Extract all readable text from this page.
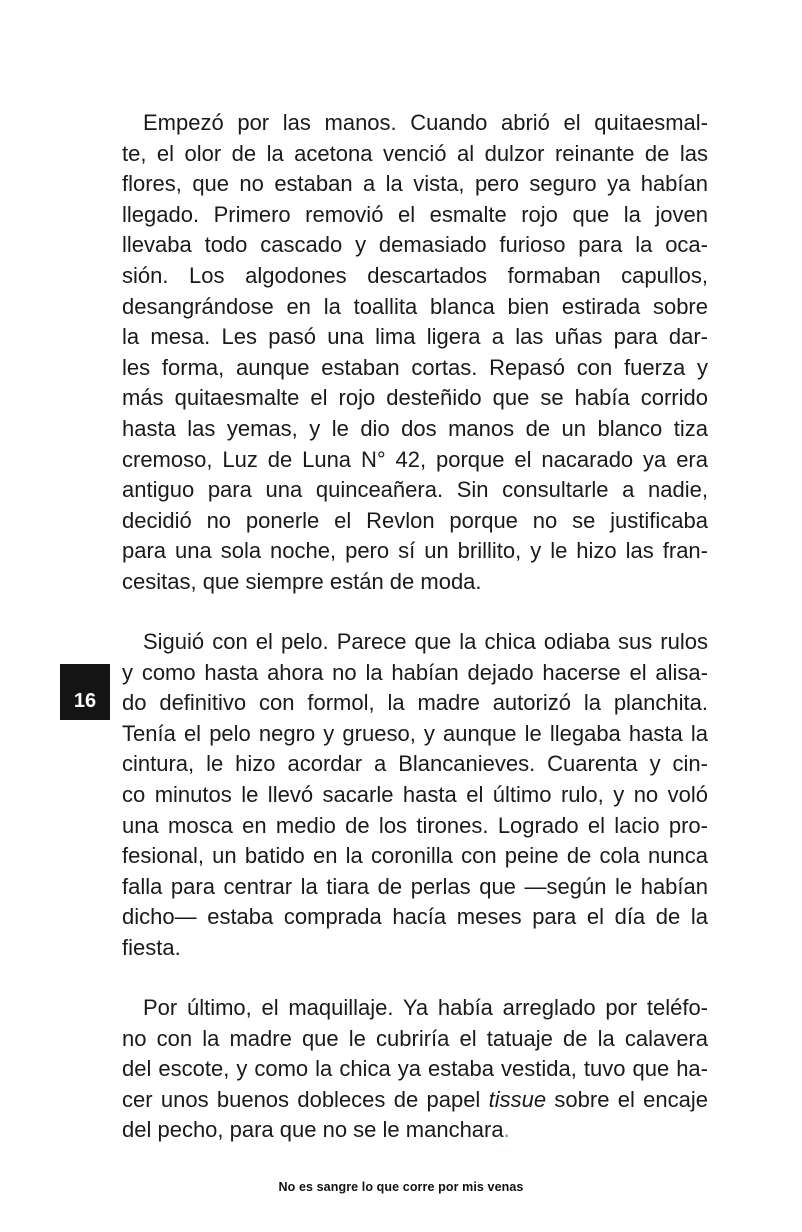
Empezó por las manos. Cuando abrió el quitaesmal-
te, el olor de la acetona venció al dulzor reinante de las
flores, que no estaban a la vista, pero seguro ya habían
llegado. Primero removió el esmalte rojo que la joven
llevaba todo cascado y demasiado furioso para la oca-
sión. Los algodones descartados formaban capullos,
desangrándose en la toallita blanca bien estirada sobre
la mesa. Les pasó una lima ligera a las uñas para dar-
les forma, aunque estaban cortas. Repasó con fuerza y
más quitaesmalte el rojo desteñido que se había corrido
hasta las yemas, y le dio dos manos de un blanco tiza
cremoso, Luz de Luna N° 42, porque el nacarado ya era
antiguo para una quinceañera. Sin consultarle a nadie,
decidió no ponerle el Revlon porque no se justificaba
para una sola noche, pero sí un brillito, y le hizo las fran-
cesitas, que siempre están de moda.
Siguió con el pelo. Parece que la chica odiaba sus rulos
y como hasta ahora no la habían dejado hacerse el alisa-
do definitivo con formol, la madre autorizó la planchita.
Tenía el pelo negro y grueso, y aunque le llegaba hasta la
cintura, le hizo acordar a Blancanieves. Cuarenta y cin-
co minutos le llevó sacarle hasta el último rulo, y no voló
una mosca en medio de los tirones. Logrado el lacio pro-
fesional, un batido en la coronilla con peine de cola nunca
falla para centrar la tiara de perlas que —según le habían
dicho— estaba comprada hacía meses para el día de la
fiesta.
Por último, el maquillaje. Ya había arreglado por teléfo-
no con la madre que le cubriría el tatuaje de la calavera
del escote, y como la chica ya estaba vestida, tuvo que ha-
cer unos buenos dobleces de papel tissue sobre el encaje
del pecho, para que no se le manchara.
16
No es sangre lo que corre por mis venas
